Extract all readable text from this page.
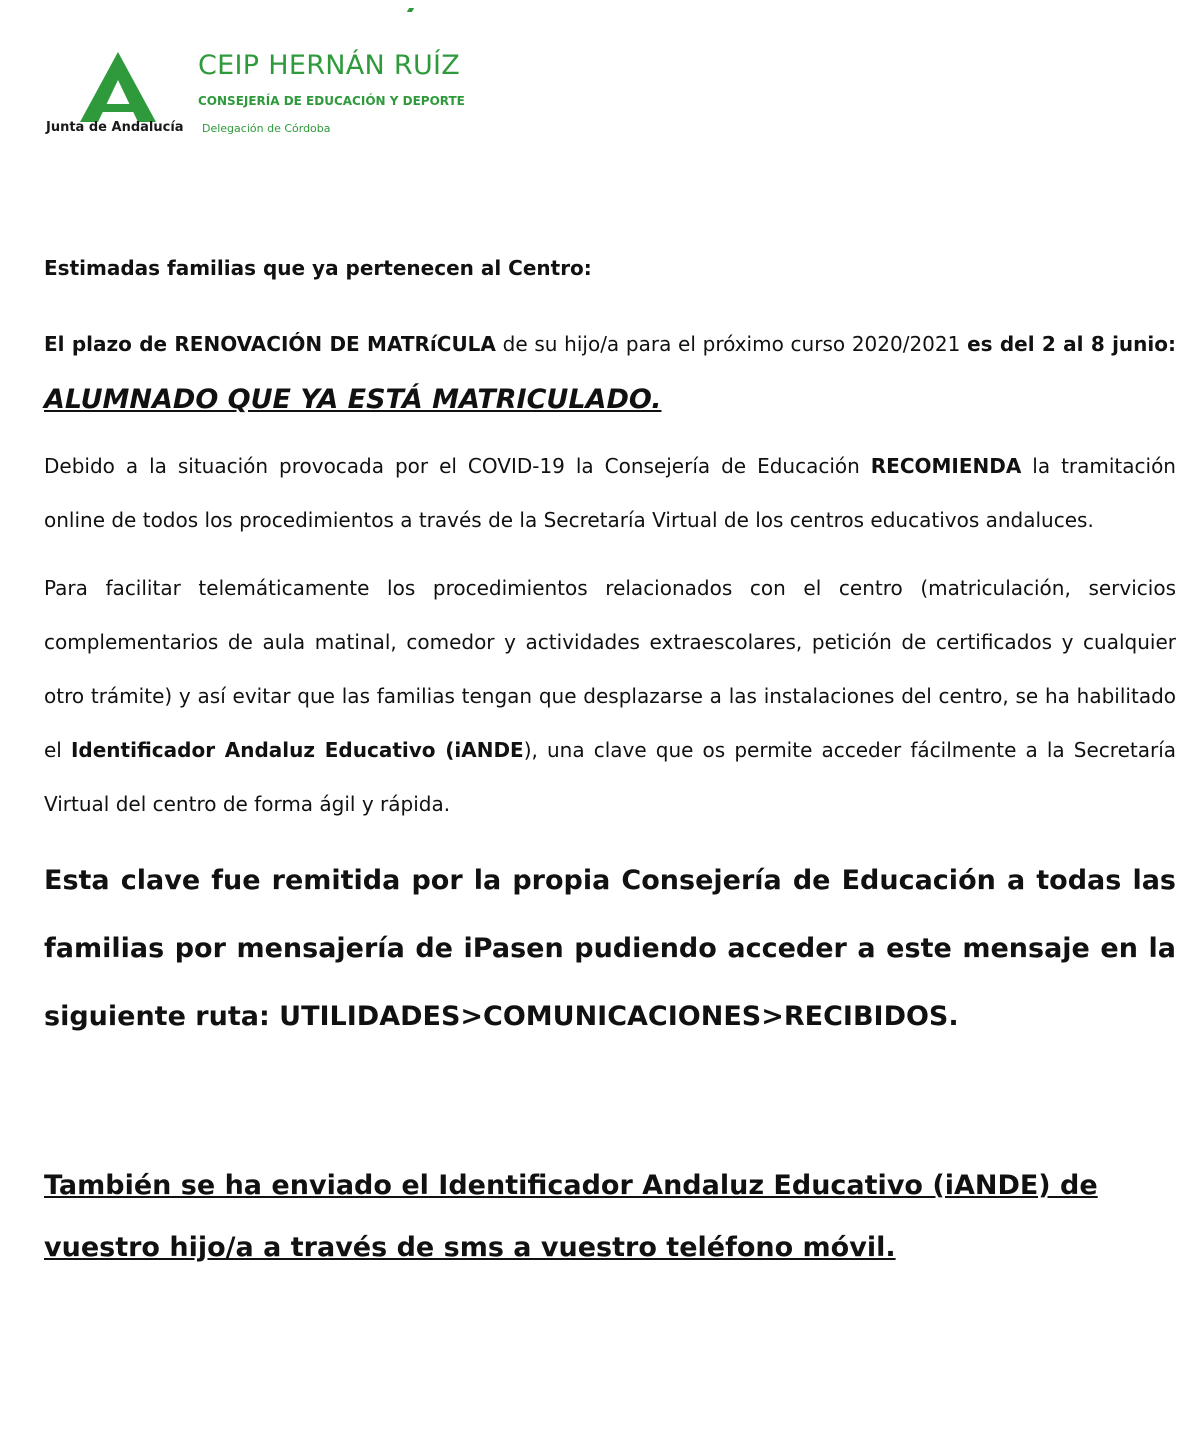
Junta de Andalucía
CEIP HERNÁN RUÍZ
CONSEJERÍA DE EDUCACIÓN Y DEPORTE
Delegación de Córdoba

Estimadas familias que ya pertenecen al Centro:

El plazo de RENOVACIÓN DE MATRíCULA de su hijo/a para el próximo curso 2020/2021 es del 2 al 8 junio: ALUMNADO QUE YA ESTÁ MATRICULADO.

Debido a la situación provocada por el COVID-19 la Consejería de Educación RECOMIENDA la tramitación online de todos los procedimientos a través de la Secretaría Virtual de los centros educativos andaluces.

Para facilitar telemáticamente los procedimientos relacionados con el centro (matriculación, servicios complementarios de aula matinal, comedor y actividades extraescolares, petición de certificados y cualquier otro trámite) y así evitar que las familias tengan que desplazarse a las instalaciones del centro, se ha habilitado el Identificador Andaluz Educativo (iANDE), una clave que os permite acceder fácilmente a la Secretaría Virtual del centro de forma ágil y rápida.

Esta clave fue remitida por la propia Consejería de Educación a todas las familias por mensajería de iPasen pudiendo acceder a este mensaje en la siguiente ruta: UTILIDADES>COMUNICACIONES>RECIBIDOS.

También se ha enviado el Identificador Andaluz Educativo (iANDE) de vuestro hijo/a a través de sms a vuestro teléfono móvil.
